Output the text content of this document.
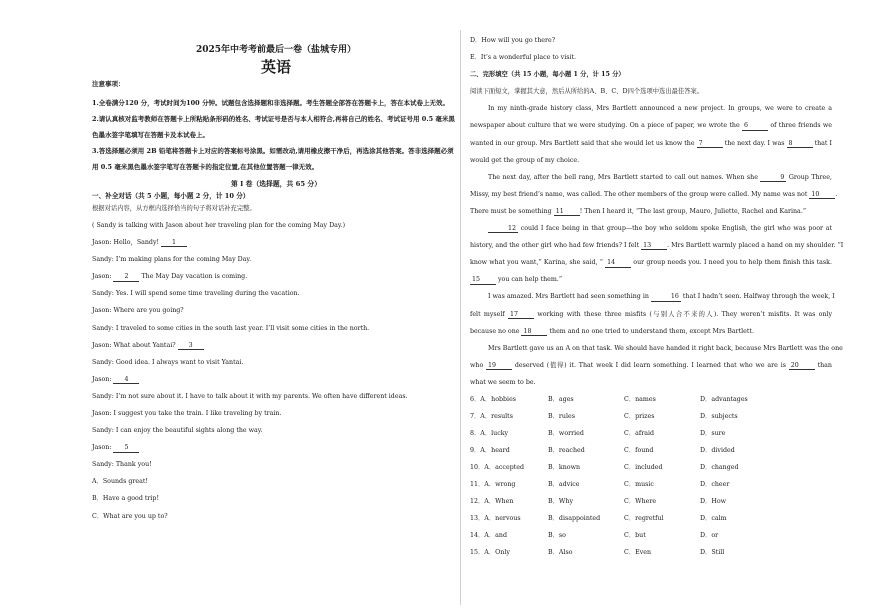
2025年中考考前最后一卷（盐城专用）
英语
注意事项：
1.全卷满分120 分，考试时间为100 分钟。试题包含选择题和非选择题。考生答题全部答在答题卡上，答在本试卷上无效。
2.请认真核对监考教师在答题卡上所粘贴条形码的姓名、考试证号是否与本人相符合,再将自己的姓名、考试证号用 0.5 毫米黑色墨水签字笔填写在答题卡及本试卷上。
3.答选择题必须用 2B 铅笔将答题卡上对应的答案标号涂黑。如需改动,请用橡皮擦干净后，再选涂其他答案。答非选择题必须用 0.5 毫米黑色墨水签字笔写在答题卡的指定位置,在其他位置答题一律无效。
第 I 卷（选择题，共 65 分）
一、补全对话（共 5 小题，每小题 2 分，计 10 分）
根据对话内容，从方框内选择恰当的句子将对话补充完整。
( Sandy is talking with Jason about her traveling plan for the coming May Day.)
Jason: Hello，Sandy! 1
Sandy: I’m making plans for the coming May Day.
Jason: 2 The May Day vacation is coming.
Sandy: Yes. I will spend some time traveling during the vacation.
Jason: Where are you going?
Sandy: I traveled to some cities in the south last year. I’ll visit some cities in the north.
Jason: What about Yantai? 3
Sandy: Good idea. I always want to visit Yantai.
Jason: 4
Sandy: I’m not sure about it. I have to talk about it with my parents. We often have different ideas.
Jason: I suggest you take the train. I like traveling by train.
Sandy: I can enjoy the beautiful sights along the way.
Jason: 5
Sandy: Thank you!
A．Sounds great!
B．Have a good trip!
C．What are you up to?
D．How will you go there?
E．It’s a wonderful place to visit.
二、完形填空（共 15 小题，每小题 1 分，计 15 分）
阅读下面短文，掌握其大意，然后从所给的A、B、C、D四个选项中选出最佳答案。
In my ninth-grade history class, Mrs Bartlett announced a new project. In groups, we were to create a
newspaper about culture that we were studying. On a piece of paper, we wrote the 6	of three friends we
wanted in our group. Mrs Bartlett said that she would let us know the 7	the next day. I was 8	that I
would get the group of my choice.
The next day, after the bell rang, Mrs Bartlett started to call out names. When she	9 Group Three,
Missy, my best friend’s name, was called. The other members of the group were called. My name was not 10	.
There must be something 11	! Then I heard it, “The last group, Mauro, Juliette, Rachel and Karina.”
12 could I face being in that group—the boy who seldom spoke English, the girl who was poor at
history, and the other girl who had few friends? I felt 13	. Mrs Bartlett warmly placed a hand on my shoulder. “I
know what you want,” Karina, she said, “ 14	our group needs you. I need you to help them finish this task.
15	you can help them.”
I was amazed. Mrs Bartlett had seen something in	16 that I hadn’t seen. Halfway through the week, I
felt myself 17	working with these three misfits (与别人合不来的人). They weren’t misfits. It was only
because no one 18	them and no one tried to understand them, except Mrs Bartlett.
Mrs Bartlett gave us an A on that task. We should have handed it right back, because Mrs Bartlett was the one
who 19	deserved (值得) it. That week I did learn something. I learned that who we are is 20	than
what we seem to be.
6．A．hobbies	B．ages	C．names	D．advantages
7．A．results	B．rules	C．prizes	D．subjects
8．A．lucky	B．worried	C．afraid	D．sure
9．A．heard	B．reached	C．found	D．divided
10．A．accepted	B．known	C．included	D．changed
11．A．wrong	B．advice	C．music	D．cheer
12．A．When	B．Why	C．Where	D．How
13．A．nervous	B．disappointed	C．regretful	D．calm
14．A．and	B．so	C．but	D．or
15．A．Only	B．Also	C．Even	D．Still
